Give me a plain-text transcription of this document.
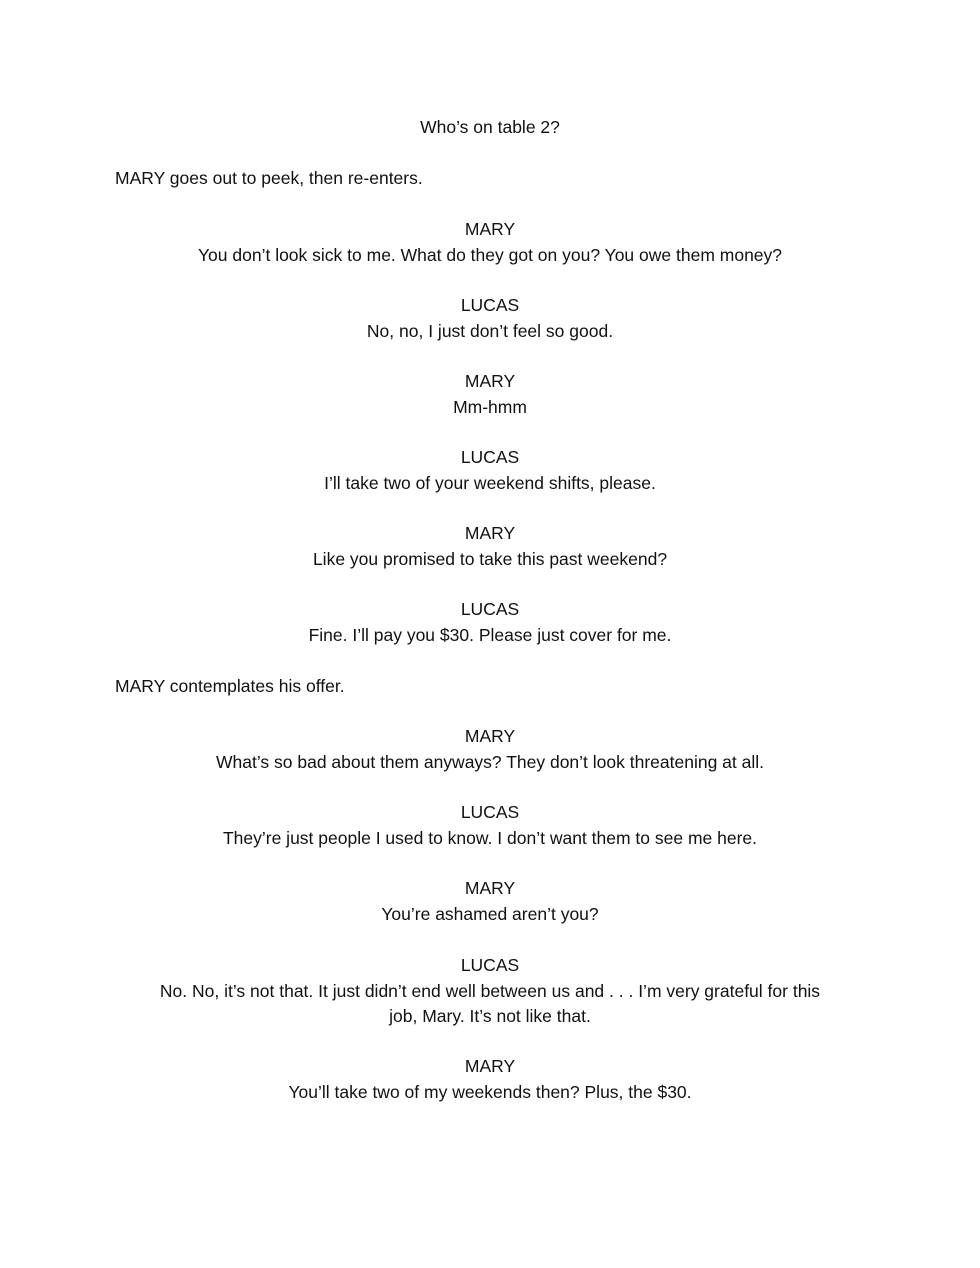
Who’s on table 2?

MARY goes out to peek, then re-enters.

MARY

You don’t look sick to me. What do they got on you? You owe them money?

LUCAS

No, no, I just don’t feel so good.

MARY

Mm-hmm

LUCAS

I’ll take two of your weekend shifts, please.

MARY

Like you promised to take this past weekend?

LUCAS

Fine. I’ll pay you $30. Please just cover for me.

MARY contemplates his offer.

MARY

What’s so bad about them anyways? They don’t look threatening at all.

LUCAS

They’re just people I used to know. I don’t want them to see me here.

MARY

You’re ashamed aren’t you?

LUCAS

No. No, it’s not that. It just didn’t end well between us and . . . I’m very grateful for this

job, Mary. It’s not like that.

MARY

You’ll take two of my weekends then? Plus, the $30.
